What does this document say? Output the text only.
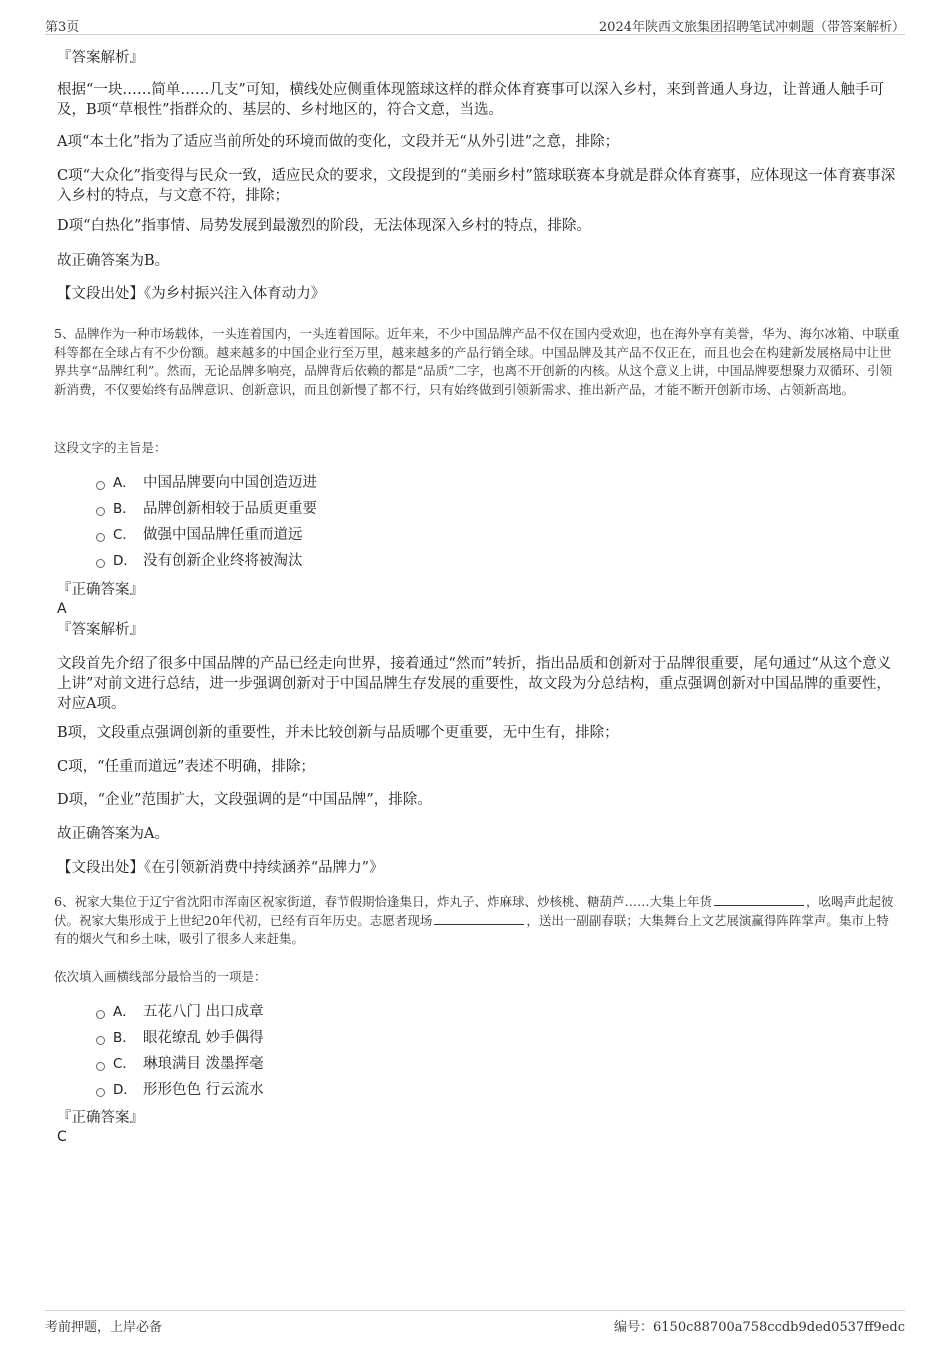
第3页	2024年陕西文旅集团招聘笔试冲刺题（带答案解析）
『答案解析』
根据“一块……简单……几支”可知，横线处应侧重体现篮球这样的群众体育赛事可以深入乡村，来到普通人身边，让普通人触手可及，B项“草根性”指群众的、基层的、乡村地区的，符合文意，当选。
A项“本土化”指为了适应当前所处的环境而做的变化，文段并无“从外引进”之意，排除；
C项“大众化”指变得与民众一致，适应民众的要求，文段提到的“美丽乡村”篮球联赛本身就是群众体育赛事，应体现这一体育赛事深入乡村的特点，与文意不符，排除；
D项“白热化”指事情、局势发展到最激烈的阶段，无法体现深入乡村的特点，排除。
故正确答案为B。
【文段出处】《为乡村振兴注入体育动力》
5、品牌作为一种市场载体，一头连着国内，一头连着国际。近年来，不少中国品牌产品不仅在国内受欢迎，也在海外享有美誉，华为、海尔冰箱、中联重科等都在全球占有不少份额。越来越多的中国企业行至万里，越来越多的产品行销全球。中国品牌及其产品不仅正在，而且也会在构建新发展格局中让世界共享“品牌红利”。然而，无论品牌多响亮，品牌背后依赖的都是“品质”二字，也离不开创新的内核。从这个意义上讲，中国品牌要想聚力双循环、引领新消费，不仅要始终有品牌意识、创新意识，而且创新慢了都不行，只有始终做到引领新需求、推出新产品，才能不断开创新市场、占领新高地。
这段文字的主旨是：
A． 中国品牌要向中国创造迈进
B． 品牌创新相较于品质更重要
C． 做强中国品牌任重而道远
D． 没有创新企业终将被淘汰
『正确答案』
A
『答案解析』
文段首先介绍了很多中国品牌的产品已经走向世界，接着通过“然而”转折，指出品质和创新对于品牌很重要，尾句通过“从这个意义上讲”对前文进行总结，进一步强调创新对于中国品牌生存发展的重要性，故文段为分总结构，重点强调创新对中国品牌的重要性，对应A项。
B项，文段重点强调创新的重要性，并未比较创新与品质哪个更重要，无中生有，排除；
C项，“任重而道远”表述不明确，排除；
D项，“企业”范围扩大，文段强调的是“中国品牌”，排除。
故正确答案为A。
【文段出处】《在引领新消费中持续涵养“品牌力”》
6、祝家大集位于辽宁省沈阳市浑南区祝家街道，春节假期恰逢集日，炸丸子、炸麻球、炒核桃、糖葫芦……大集上年货	，吆喝声此起彼伏。祝家大集形成于上世纪20年代初，已经有百年历史。志愿者现场	，送出一副副春联；大集舞台上文艺展演赢得阵阵掌声。集市上特有的烟火气和乡土味，吸引了很多人来赶集。
依次填入画横线部分最恰当的一项是：
A． 五花八门 出口成章
B． 眼花缭乱 妙手偶得
C． 琳琅满目 泼墨挥毫
D． 形形色色 行云流水
『正确答案』
C
考前押题，上岸必备	编号：6150c88700a758ccdb9ded0537ff9edc
